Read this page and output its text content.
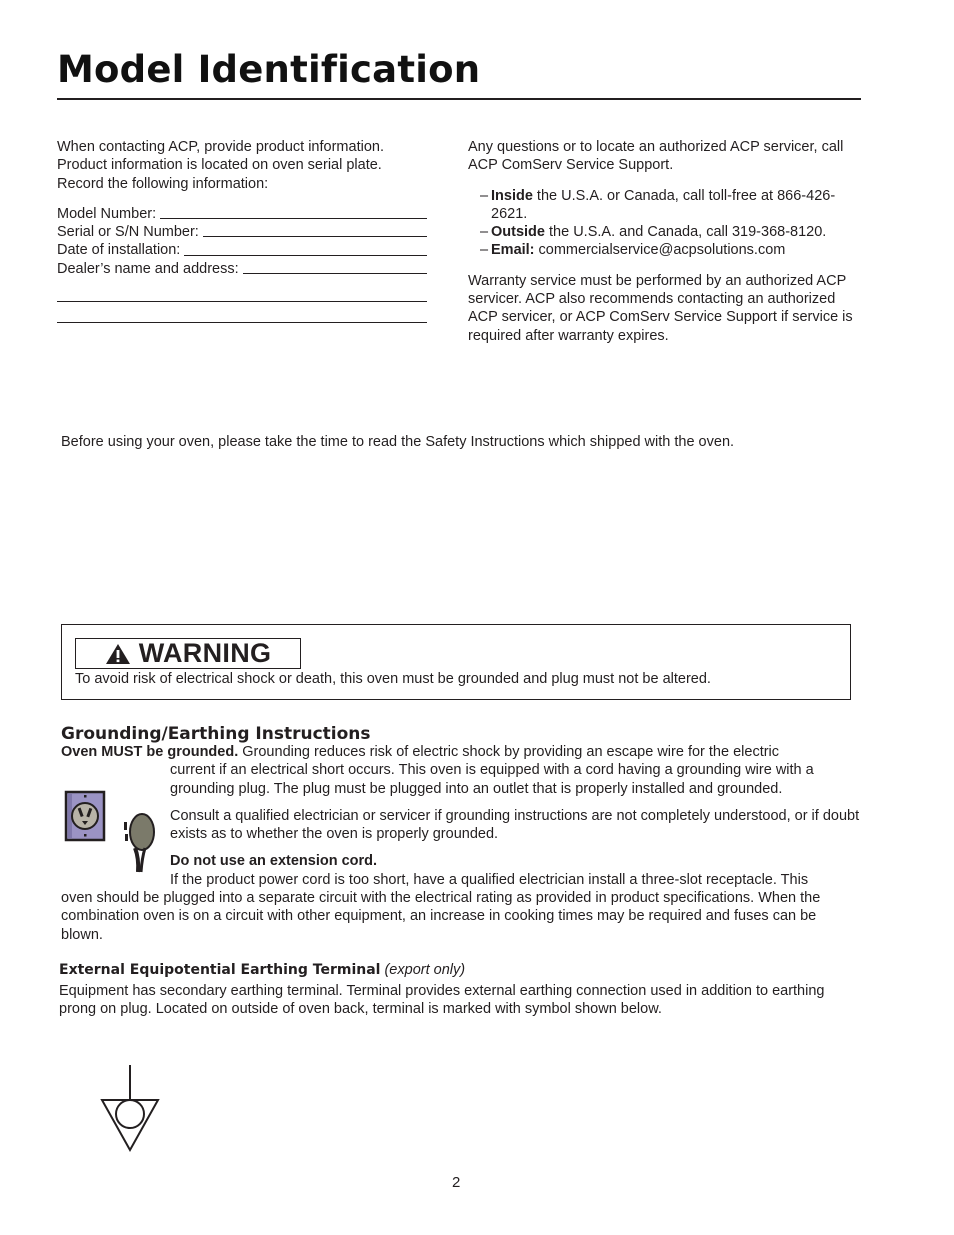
Model Identification

When contacting ACP, provide product information.

Product information is located on oven serial plate.

Record the following information:

Model Number:
Serial or S/N Number:
Date of installation:
Dealer’s name and address:

Any questions or to locate an authorized ACP servicer, call ACP ComServ Service Support.

– Inside the U.S.A. or Canada, call toll-free at 866-426-2621.
– Outside the U.S.A. and Canada, call 319-368-8120.
– Email: commercialservice@acpsolutions.com

Warranty service must be performed by an authorized ACP servicer. ACP also recommends contacting an authorized ACP servicer, or ACP ComServ Service Support if service is required after warranty expires.

Before using your oven, please take the time to read the Safety Instructions which shipped with the oven.
WARNING
To avoid risk of electrical shock or death, this oven must be grounded and plug must not be altered.
Grounding/Earthing Instructions
Oven MUST be grounded. Grounding reduces risk of electric shock by providing an escape wire for the electric
current if an electrical short occurs. This oven is equipped with a cord having a grounding wire with a grounding plug. The plug must be plugged into an outlet that is properly installed and grounded.
Consult a qualified electrician or servicer if grounding instructions are not completely understood, or if doubt exists as to whether the oven is properly grounded.
Do not use an extension cord.
If the product power cord is too short, have a qualified electrician install a three-slot receptacle. This
oven should be plugged into a separate circuit with the electrical rating as provided in product specifications. When the combination oven is on a circuit with other equipment, an increase in cooking times may be required and fuses can be blown.
External Equipotential Earthing Terminal (export only)
Equipment has secondary earthing terminal. Terminal provides external earthing connection used in addition to earthing prong on plug. Located on outside of oven back, terminal is marked with symbol shown below.
2
